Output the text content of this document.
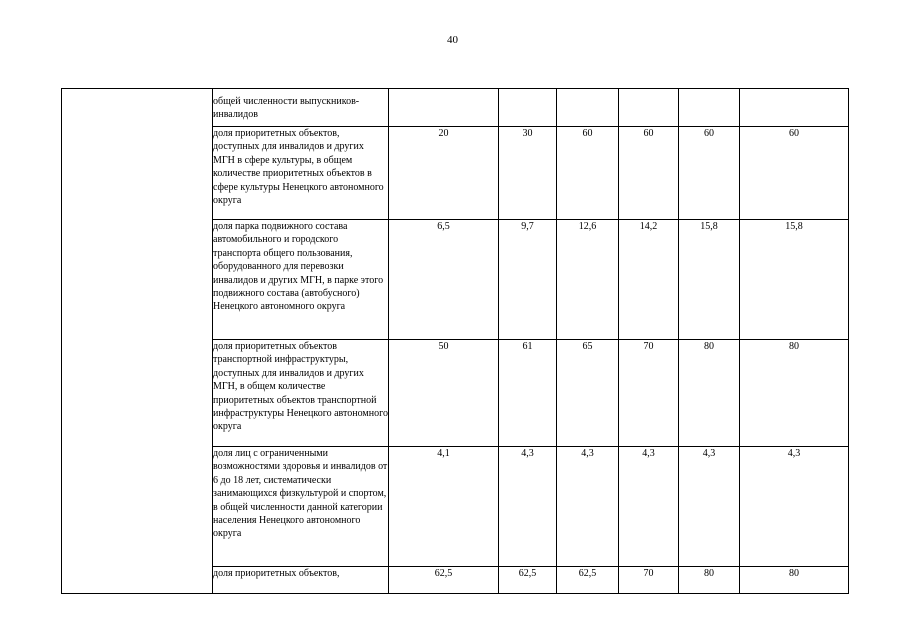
40
	общей численности выпускников-инвалидов						
	доля приоритетных объектов, доступных для инвалидов и других МГН в сфере культуры, в общем количестве приоритетных объектов в сфере культуры Ненецкого автономного округа	20	30	60	60	60	60
	доля парка подвижного состава автомобильного и городского транспорта общего пользования, оборудованного для перевозки инвалидов и других МГН, в парке этого подвижного состава (автобусного) Ненецкого автономного округа	6,5	9,7	12,6	14,2	15,8	15,8
	доля приоритетных объектов транспортной инфраструктуры, доступных для инвалидов и других МГН, в общем количестве приоритетных объектов транспортной инфраструктуры Ненецкого автономного округа	50	61	65	70	80	80
	доля лиц с ограниченными возможностями здоровья и инвалидов от 6 до 18 лет, систематически занимающихся физкультурой и спортом, в общей численности данной категории населения Ненецкого автономного округа	4,1	4,3	4,3	4,3	4,3	4,3
	доля приоритетных объектов,	62,5	62,5	62,5	70	80	80
